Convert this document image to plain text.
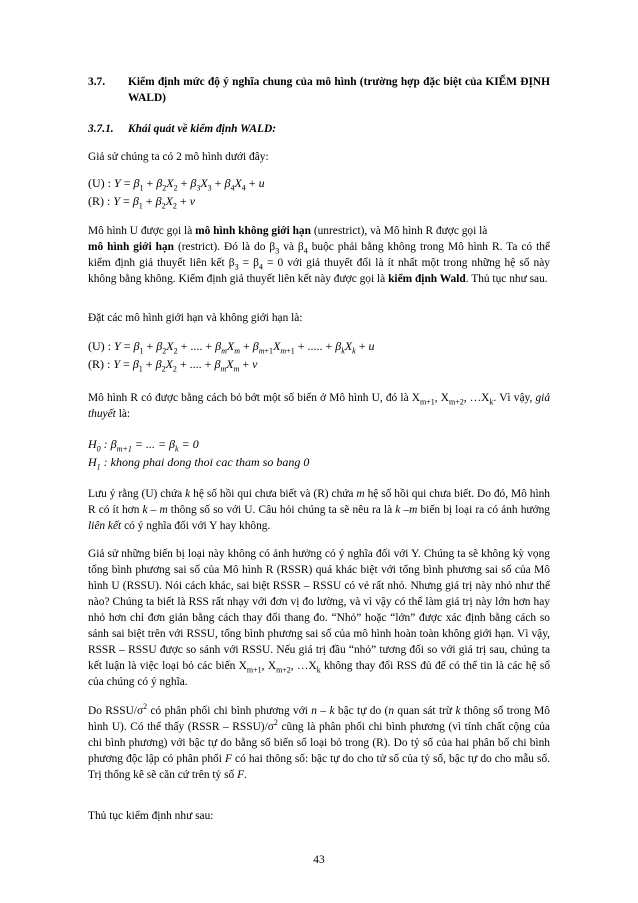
3.7.	Kiểm định mức độ ý nghĩa chung của mô hình (trường hợp đặc biệt của KIỂM ĐỊNH WALD)
3.7.1.	Khái quát về kiểm định WALD:
Giả sử chúng ta có 2 mô hình dưới đây:
(U) : $Y = \beta_1 + \beta_2X_2 + \beta_3X_3 + \beta_4X_4 + u$
(R) : $Y = \beta_1 + \beta_2X_2 + \nu$
Mô hình U được gọi là mô hình không giới hạn (unrestrict), và Mô hình R được gọi là
mô hình giới hạn (restrict). Đó là do $\beta_3$ và $\beta_4$ buộc phải bằng không trong Mô hình R. Ta có thể kiểm định giả thuyết liên kết $\beta_3 = \beta_4 = 0$ với giả thuyết đối là ít nhất một trong những hệ số này không bằng không. Kiểm định giả thuyết liên kết này được gọi là kiểm định Wald. Thủ tục như sau.
Đặt các mô hình giới hạn và không giới hạn là:
(U) : $Y = \beta_1 + \beta_2X_2$ + .... + $\beta_mX_m + \beta_{m+1}X_{m+1}$ + ..... + $\beta_kX_k + u$
(R) : $Y = \beta_1 + \beta_2X_2$ + .... + $\beta_mX_m + \nu$
Mô hình R có được bằng cách bỏ bớt một số biến ở Mô hình U, đó là $X_{m+1}$, $X_{m+2}$, $\dots X_k$. Vì vậy, giả thuyết là:
$H_0$ : $\beta_{m+1}$ = ... = $\beta_k = 0$
$H_1$ : khong phai dong thoi cac tham so bang 0
Lưu ý rằng (U) chứa k hệ số hồi qui chưa biết và (R) chứa m hệ số hồi qui chưa biết. Do đó, Mô hình R có ít hơn k – m thông số so với U. Câu hỏi chúng ta sẽ nêu ra là k –m biến bị loại ra có ảnh hưởng liên kết có ý nghĩa đối với Y hay không.
Giả sử những biến bị loại này không có ảnh hưởng có ý nghĩa đối với Y. Chúng ta sẽ không kỳ vọng tổng bình phương sai số của Mô hình R (RSSR) quá khác biệt với tổng bình phương sai số của Mô hình U (RSSU). Nói cách khác, sai biệt RSSR – RSSU có vẻ rất nhỏ. Nhưng giá trị này nhỏ như thế nào? Chúng ta biết là RSS rất nhạy với đơn vị đo lường, và vì vậy có thể làm giá trị này lớn hơn hay nhỏ hơn chỉ đơn giản bằng cách thay đổi thang đo. “Nhỏ” hoặc “lớn” được xác định bằng cách so sánh sai biệt trên với RSSU, tổng bình phương sai số của mô hình hoàn toàn không giới hạn. Vì vậy, RSSR – RSSU được so sánh với RSSU. Nếu giá trị đầu “nhỏ” tương đối so với giá trị sau, chúng ta kết luận là việc loại bỏ các biến $X_{m+1}$, $X_{m+2}$, $\dots X_k$ không thay đổi RSS đủ để có thể tin là các hệ số của chúng có ý nghĩa.
Do RSSU/$\sigma^2$ có phân phối chi bình phương với n – k bậc tự do (n quan sát trừ k thông số trong Mô hình U). Có thể thấy (RSSR – $RSSU)/\sigma^2$ cũng là phân phối chi bình phương (vì tính chất cộng của chi bình phương) với bậc tự do bằng số biến số loại bỏ trong (R). Do tỷ số của hai phân bố chi bình phương độc lập có phân phối F có hai thông số: bậc tự do cho tử số của tỷ số, bậc tự do cho mẫu số. Trị thống kê sẽ căn cứ trên tỷ số F.
Thủ tục kiểm định như sau:
43
